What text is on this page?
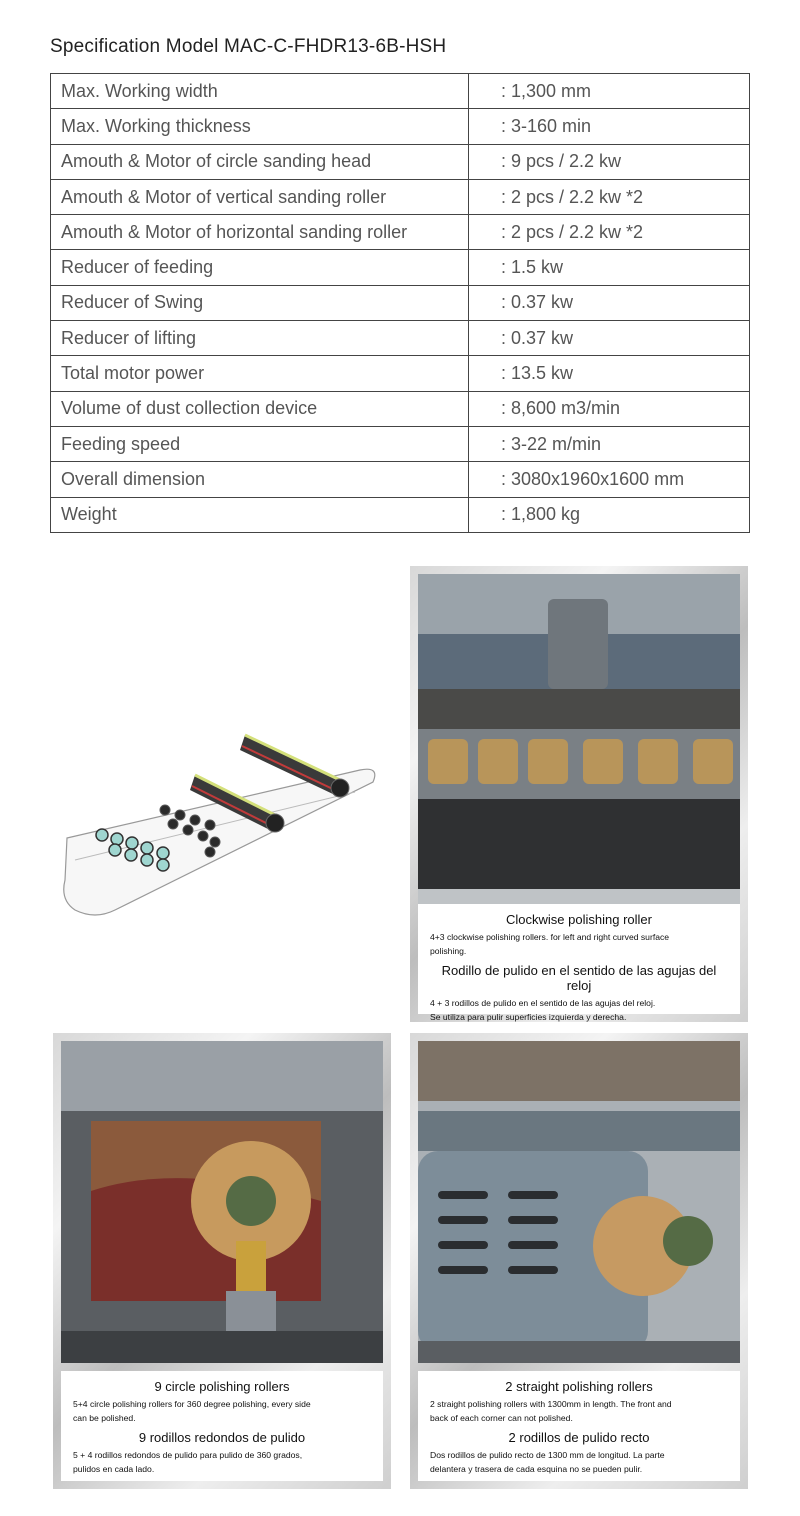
Specification Model MAC-C-FHDR13-6B-HSH
Max. Working width	: 1,300 mm
Max. Working thickness	: 3-160 min
Amouth & Motor of circle sanding head	: 9 pcs / 2.2 kw
Amouth & Motor of vertical sanding roller	: 2 pcs / 2.2 kw *2
Amouth & Motor of horizontal sanding roller	: 2 pcs / 2.2 kw *2
Reducer of feeding	: 1.5 kw
Reducer of Swing	: 0.37 kw
Reducer of lifting	: 0.37 kw
Total motor power	: 13.5 kw
Volume of dust collection device	: 8,600 m3/min
Feeding speed	: 3-22 m/min
Overall dimension	: 3080x1960x1600 mm
Weight	: 1,800 kg
Clockwise polishing roller
4+3 clockwise polishing rollers. for left and right curved surface
polishing.
Rodillo de pulido en el sentido de las agujas del reloj
4 + 3 rodillos de pulido en el sentido de las agujas del reloj.
Se utiliza para pulir superficies izquierda y derecha.
9 circle polishing rollers
5+4 circle polishing rollers for 360 degree polishing, every side
can be polished.
9 rodillos redondos de pulido
5 + 4 rodillos redondos de pulido para pulido de 360 grados,
pulidos en cada lado.
2 straight polishing rollers
2 straight polishing rollers with 1300mm in length. The front and
back of each corner can not polished.
2 rodillos de pulido recto
Dos rodillos de pulido recto de 1300 mm de longitud. La parte
delantera y trasera de cada esquina no se pueden pulir.
